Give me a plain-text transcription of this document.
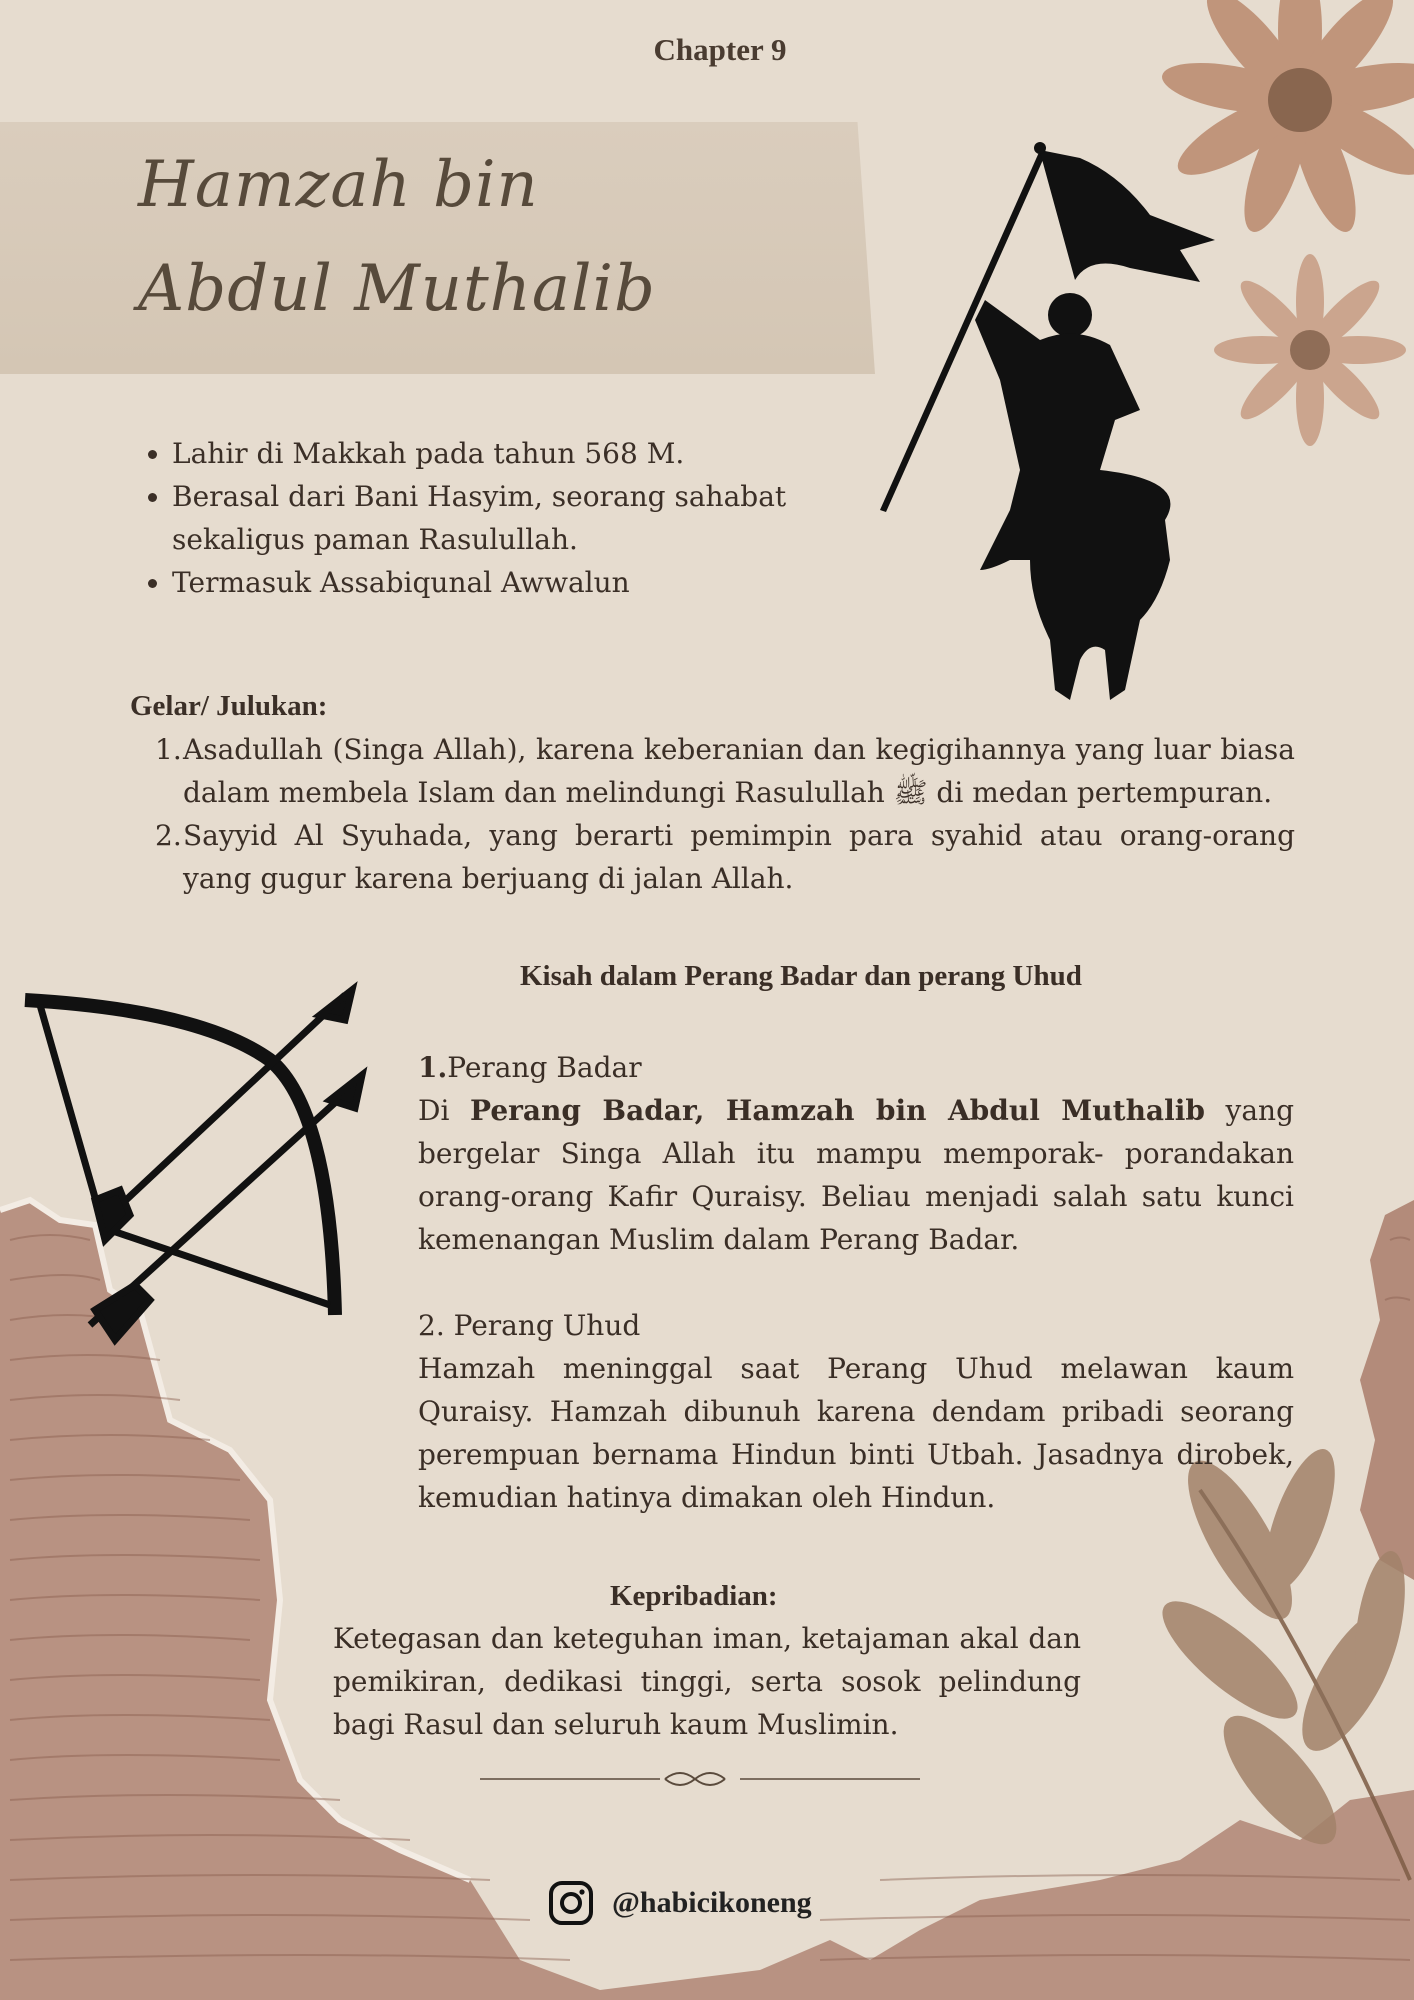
Chapter 9
Hamzah bin
Abdul Muthalib
• Lahir di Makkah pada tahun 568 M.
• Berasal dari Bani Hasyim, seorang sahabat sekaligus paman Rasulullah.
• Termasuk Assabiqunal Awwalun
Gelar/ Julukan:
1. Asadullah (Singa Allah), karena keberanian dan kegigihannya yang luar biasa dalam membela Islam dan melindungi Rasulullah ﷺ di medan pertempuran.
2. Sayyid Al Syuhada, yang berarti pemimpin para syahid atau orang-orang yang gugur karena berjuang di jalan Allah.
Kisah dalam Perang Badar dan perang Uhud

1.Perang Badar

Di Perang Badar, Hamzah bin Abdul Muthalib yang bergelar Singa Allah itu mampu memporak- porandakan orang-orang Kafir Quraisy. Beliau menjadi salah satu kunci kemenangan Muslim dalam Perang Badar.

2. Perang Uhud

Hamzah meninggal saat Perang Uhud melawan kaum Quraisy. Hamzah dibunuh karena dendam pribadi seorang perempuan bernama Hindun binti Utbah. Jasadnya dirobek, kemudian hatinya dimakan oleh Hindun.

Kepribadian:
Ketegasan dan keteguhan iman, ketajaman akal dan pemikiran, dedikasi tinggi, serta sosok pelindung bagi Rasul dan seluruh kaum Muslimin.
@habicikoneng
